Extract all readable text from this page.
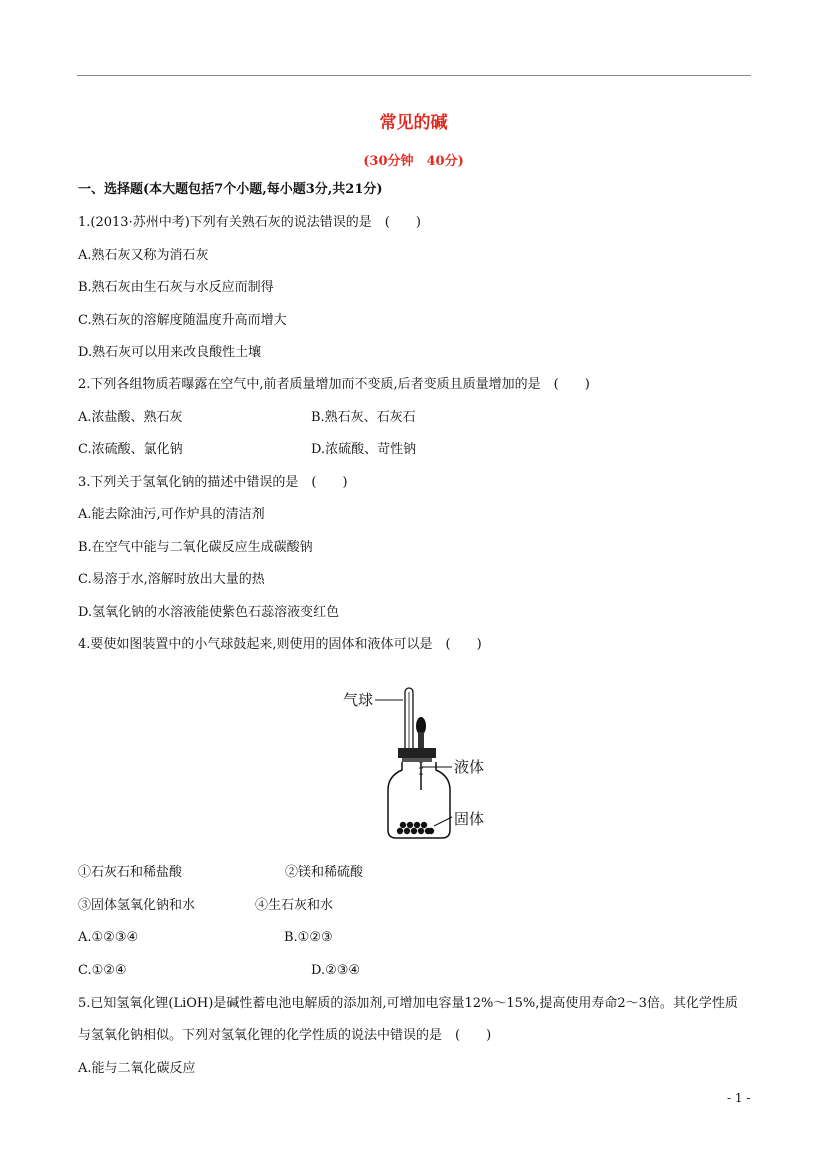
常见的碱
(30分钟　40分)
一、选择题(本大题包括7个小题,每小题3分,共21分)
1.(2013·苏州中考)下列有关熟石灰的说法错误的是　(　　)
A.熟石灰又称为消石灰
B.熟石灰由生石灰与水反应而制得
C.熟石灰的溶解度随温度升高而增大
D.熟石灰可以用来改良酸性土壤
2.下列各组物质若曝露在空气中,前者质量增加而不变质,后者变质且质量增加的是　(　　)
A.浓盐酸、熟石灰	B.熟石灰、石灰石
C.浓硫酸、氯化钠	D.浓硫酸、苛性钠
3.下列关于氢氧化钠的描述中错误的是　(　　)
A.能去除油污,可作炉具的清洁剂
B.在空气中能与二氧化碳反应生成碳酸钠
C.易溶于水,溶解时放出大量的热
D.氢氧化钠的水溶液能使紫色石蕊溶液变红色
4.要使如图装置中的小气球鼓起来,则使用的固体和液体可以是　(　　)
气球
液体
固体
①石灰石和稀盐酸	②镁和稀硫酸
③固体氢氧化钠和水	④生石灰和水
A.①②③④	B.①②③
C.①②④	D.②③④
5.已知氢氧化锂(LiOH)是碱性蓄电池电解质的添加剂,可增加电容量12%～15%,提高使用寿命2～3倍。其化学性质与氢氧化钠相似。下列对氢氧化锂的化学性质的说法中错误的是　(　　)
A.能与二氧化碳反应
- 1 -
